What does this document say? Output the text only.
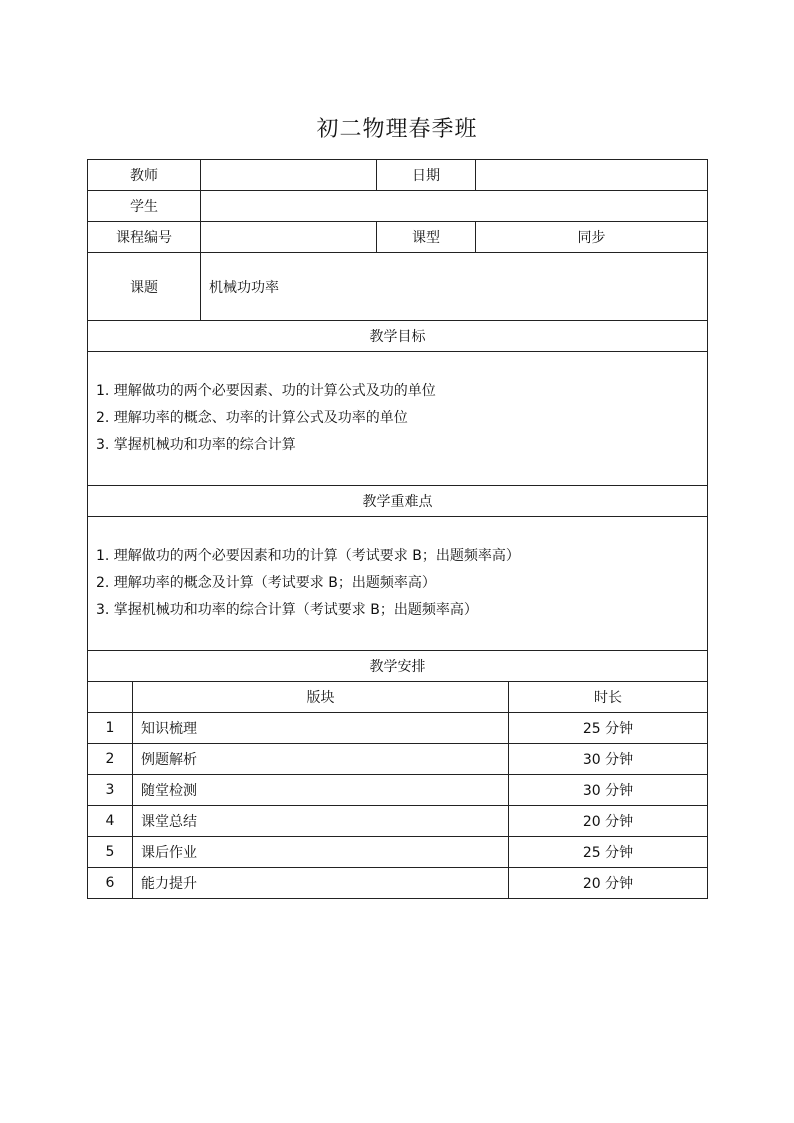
初二物理春季班
教师		日期	
学生			
课程编号		课型	同步
课题	机械功功率		
教学目标			

1. 理解做功的两个必要因素、功的计算公式及功的单位
2. 理解功率的概念、功率的计算公式及功率的单位
3. 掌握机械功和功率的综合计算			

教学重难点			

1. 理解做功的两个必要因素和功的计算（考试要求 B；出题频率高）
2. 理解功率的概念及计算（考试要求 B；出题频率高）
3. 掌握机械功和功率的综合计算（考试要求 B；出题频率高）			

教学安排			
	版块	时长
1	知识梳理	25 分钟
2	例题解析	30 分钟
3	随堂检测	30 分钟
4	课堂总结	20 分钟
5	课后作业	25 分钟
6	能力提升	20 分钟
